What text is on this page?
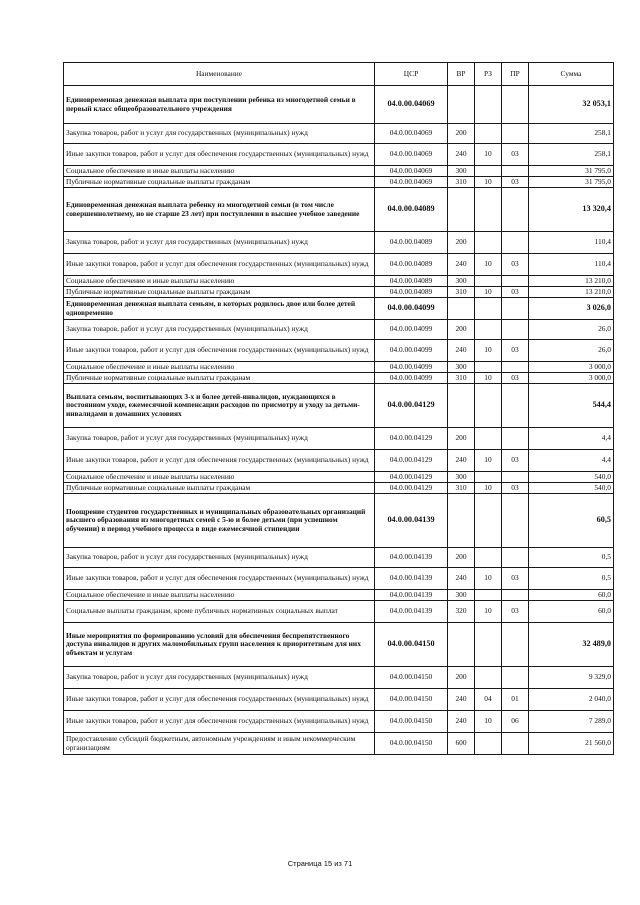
Наименование	ЦСР	ВР	РЗ	ПР	Сумма
Единовременная денежная выплата при поступлении ребенка из многодетной семьи в первый класс общеобразовательного учреждения	04.0.00.04069				32 053,1
Закупка товаров, работ и услуг для государственных (муниципальных) нужд	04.0.00.04069	200			258,1
Иные закупки товаров, работ и услуг для обеспечения государственных (муниципальных) нужд	04.0.00.04069	240	10	03	258,1
Социальное обеспечение и иные выплаты населению	04.0.00.04069	300			31 795,0
Публичные нормативные социальные выплаты гражданам	04.0.00.04069	310	10	03	31 795,0
Единовременная денежная выплата ребенку из многодетной семьи (в том числе совершеннолетнему, но не старше 23 лет) при поступлении в высшее учебное заведение	04.0.00.04089				13 320,4
Закупка товаров, работ и услуг для государственных (муниципальных) нужд	04.0.00.04089	200			110,4
Иные закупки товаров, работ и услуг для обеспечения государственных (муниципальных) нужд	04.0.00.04089	240	10	03	110,4
Социальное обеспечение и иные выплаты населению	04.0.00.04089	300			13 210,0
Публичные нормативные социальные выплаты гражданам	04.0.00.04089	310	10	03	13 210,0
Единовременная денежная выплата семьям, в которых родилось двое или более детей одновременно	04.0.00.04099				3 026,0
Закупка товаров, работ и услуг для государственных (муниципальных) нужд	04.0.00.04099	200			26,0
Иные закупки товаров, работ и услуг для обеспечения государственных (муниципальных) нужд	04.0.00.04099	240	10	03	26,0
Социальное обеспечение и иные выплаты населению	04.0.00.04099	300			3 000,0
Публичные нормативные социальные выплаты гражданам	04.0.00.04099	310	10	03	3 000,0
Выплата семьям, воспитывающих 3-х и более детей-инвалидов, нуждающихся в постоянном уходе, ежемесячной компенсации расходов по присмотру и уходу за детьми-инвалидами в домашних условиях	04.0.00.04129				544,4
Закупка товаров, работ и услуг для государственных (муниципальных) нужд	04.0.00.04129	200			4,4
Иные закупки товаров, работ и услуг для обеспечения государственных (муниципальных) нужд	04.0.00.04129	240	10	03	4,4
Социальное обеспечение и иные выплаты населению	04.0.00.04129	300			540,0
Публичные нормативные социальные выплаты гражданам	04.0.00.04129	310	10	03	540,0
Поощрение студентов государственных и муниципальных образовательных организаций высшего образования из многодетных семей с 5-ю и более детьми (при успешном обучении) в период учебного процесса в виде ежемесячной стипендии	04.0.00.04139				60,5
Закупка товаров, работ и услуг для государственных (муниципальных) нужд	04.0.00.04139	200			0,5
Иные закупки товаров, работ и услуг для обеспечения государственных (муниципальных) нужд	04.0.00.04139	240	10	03	0,5
Социальное обеспечение и иные выплаты населению	04.0.00.04139	300			60,0
Социальные выплаты гражданам, кроме публичных нормативных социальных выплат	04.0.00.04139	320	10	03	60,0
Иные мероприятия по формированию условий для обеспечения беспрепятственного доступа инвалидов и других маломобильных групп населения к приоритетным для них объектам и услугам	04.0.00.04150				32 489,0
Закупка товаров, работ и услуг для государственных (муниципальных) нужд	04.0.00.04150	200			9 329,0
Иные закупки товаров, работ и услуг для обеспечения государственных (муниципальных) нужд	04.0.00.04150	240	04	01	2 040,0
Иные закупки товаров, работ и услуг для обеспечения государственных (муниципальных) нужд	04.0.00.04150	240	10	06	7 289,0
Предоставление субсидий бюджетным, автономным учреждениям и иным некоммерческим организациям	04.0.00.04150	600			21 560,0
Страница 15 из 71
